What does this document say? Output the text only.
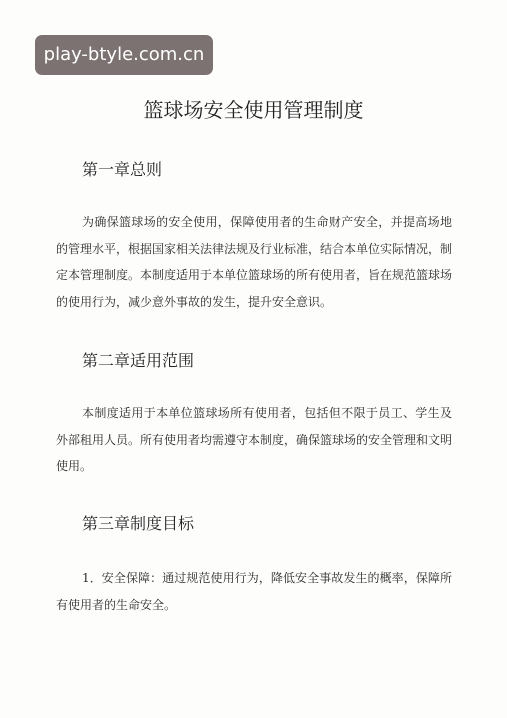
play-btyle.com.cn
篮球场安全使用管理制度
第一章总则

为确保篮球场的安全使用，保障使用者的生命财产安全，并提高场地的管理水平，根据国家相关法律法规及行业标准，结合本单位实际情况，制定本管理制度。本制度适用于本单位篮球场的所有使用者，旨在规范篮球场的使用行为，减少意外事故的发生，提升安全意识。

第二章适用范围

本制度适用于本单位篮球场所有使用者，包括但不限于员工、学生及外部租用人员。所有使用者均需遵守本制度，确保篮球场的安全管理和文明使用。

第三章制度目标

1．安全保障：通过规范使用行为，降低安全事故发生的概率，保障所有使用者的生命安全。
